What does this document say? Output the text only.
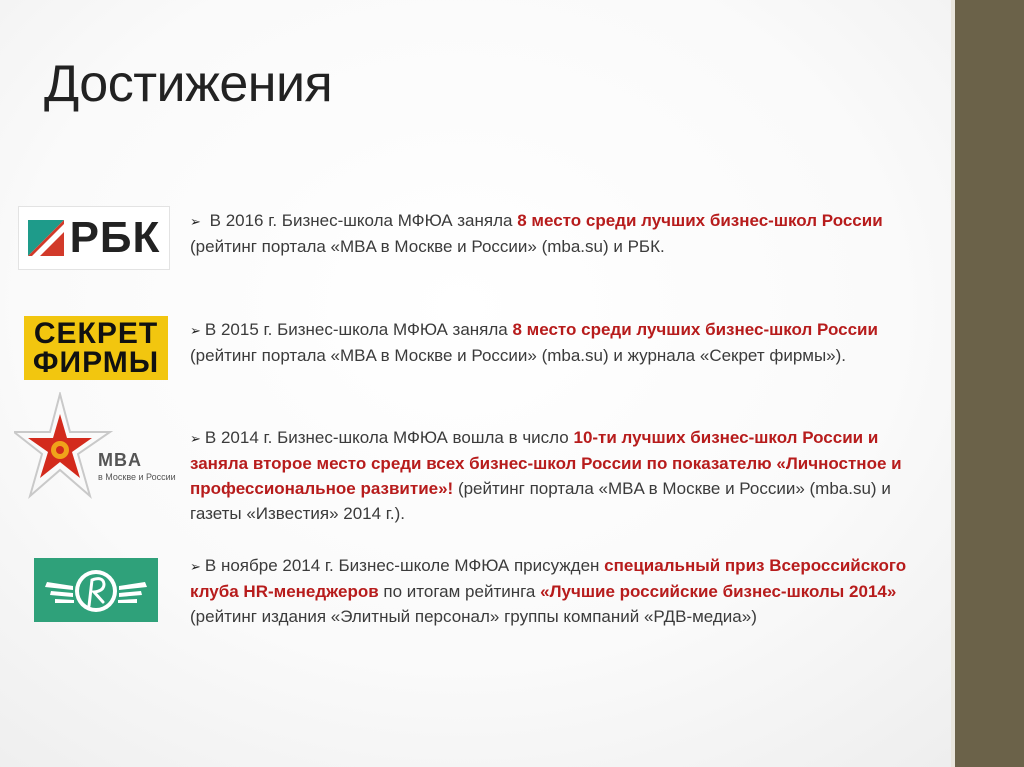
Достижения
РБК
СЕКРЕТ
ФИРМЫ
MBA
в Москве и России
➢ В 2016 г. Бизнес-школа МФЮА заняла 8 место среди лучших бизнес-школ России (рейтинг портала «MBA в Москве и России» (mba.su) и РБК.
➢ В 2015 г. Бизнес-школа МФЮА заняла 8 место среди лучших бизнес-школ России (рейтинг портала «MBA в Москве и России» (mba.su) и журнала «Секрет фирмы»).
➢ В 2014 г. Бизнес-школа МФЮА вошла в число 10-ти лучших бизнес-школ России и заняла второе место среди всех бизнес-школ России по показателю «Личностное и профессиональное развитие»! (рейтинг портала «MBA в Москве и России» (mba.su) и газеты «Известия» 2014 г.).
➢ В ноябре 2014 г. Бизнес-школе МФЮА присужден специальный приз Всероссийского клуба HR-менеджеров по итогам рейтинга «Лучшие российские бизнес-школы 2014» (рейтинг издания «Элитный персонал» группы компаний «РДВ-медиа»)
